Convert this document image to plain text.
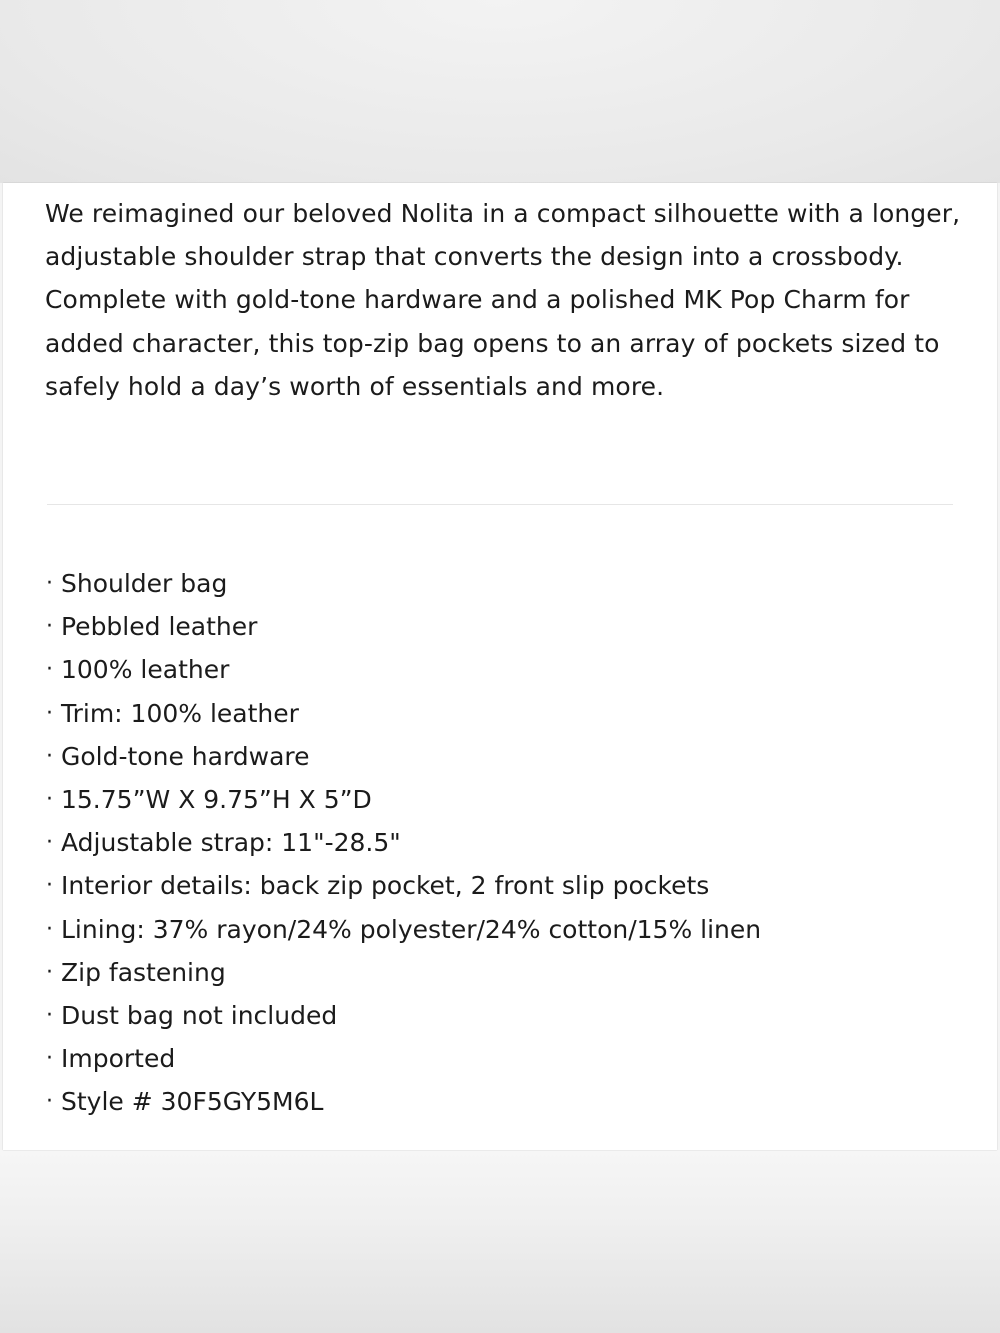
We reimagined our beloved Nolita in a compact silhouette with a longer, adjustable shoulder strap that converts the design into a crossbody. Complete with gold-tone hardware and a polished MK Pop Charm for added character, this top-zip bag opens to an array of pockets sized to safely hold a day’s worth of essentials and more.

· Shoulder bag
· Pebbled leather
· 100% leather
· Trim: 100% leather
· Gold-tone hardware
· 15.75”W X 9.75”H X 5”D
· Adjustable strap: 11"-28.5"
· Interior details: back zip pocket, 2 front slip pockets
· Lining: 37% rayon/24% polyester/24% cotton/15% linen
· Zip fastening
· Dust bag not included
· Imported
· Style # 30F5GY5M6L
